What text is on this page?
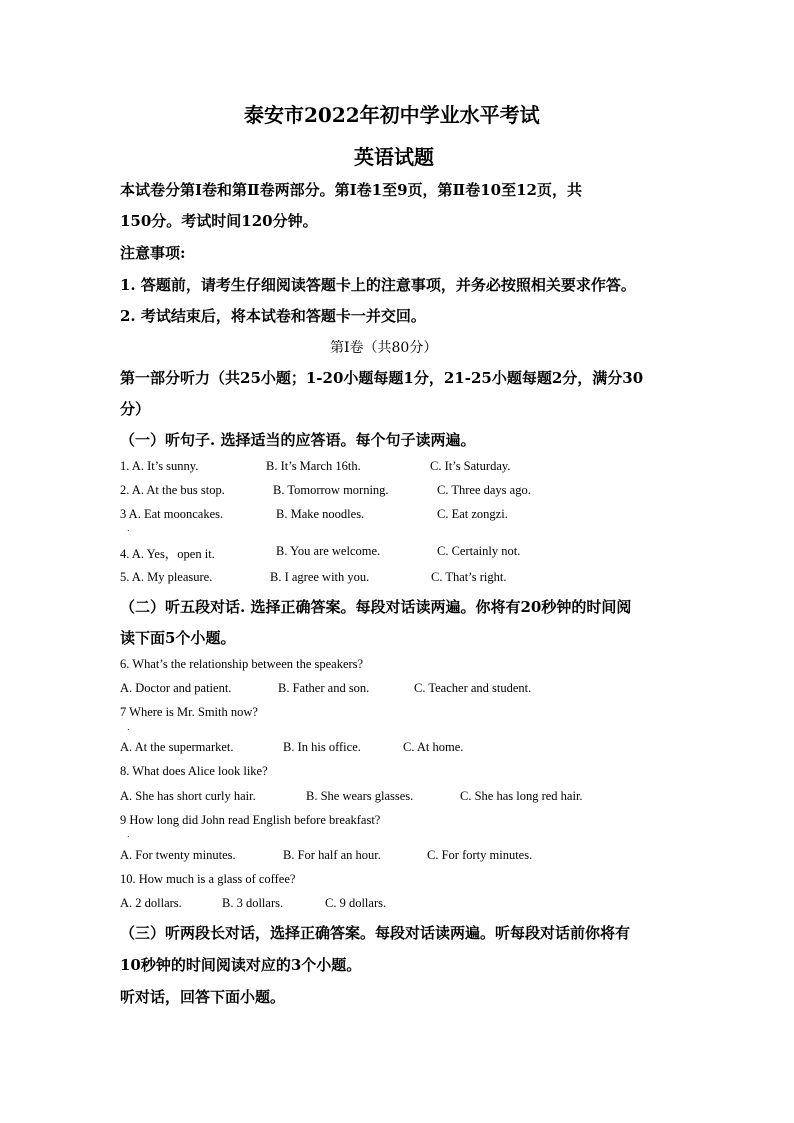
泰安市2022年初中学业水平考试
英语试题
本试卷分第Ⅰ卷和第Ⅱ卷两部分。第Ⅰ卷1至9页，第Ⅱ卷10至12页，共
150分。考试时间120分钟。
注意事项:
1. 答题前，请考生仔细阅读答题卡上的注意事项，并务必按照相关要求作答。
2. 考试结束后，将本试卷和答题卡一并交回。
第Ⅰ卷（共80分）
第一部分听力（共25小题；1-20小题每题1分，21-25小题每题2分，满分30
分）
（一）听句子. 选择适当的应答语。每个句子读两遍。
1. A. It’s sunny.	B. It’s March 16th.	C. It’s Saturday.
2. A. At the bus stop.	B. Tomorrow morning.	C. Three days ago.
3 A. Eat mooncakes.	B. Make noodles.	C. Eat zongzi.
.
4. A. Yes，open it.	B. You are welcome.	C. Certainly not.
5. A. My pleasure.	B. I agree with you.	C. That’s right.
（二）听五段对话. 选择正确答案。每段对话读两遍。你将有20秒钟的时间阅
读下面5个小题。
6. What’s the relationship between the speakers?
A. Doctor and patient.	B. Father and son.	C. Teacher and student.
7 Where is Mr. Smith now?
.
A. At the supermarket.	B. In his office.	C. At home.
8. What does Alice look like?
A. She has short curly hair.	B. She wears glasses.	C. She has long red hair.
9 How long did John read English before breakfast?
.
A. For twenty minutes.	B. For half an hour.	C. For forty minutes.
10. How much is a glass of coffee?
A. 2 dollars.	B. 3 dollars.	C. 9 dollars.
（三）听两段长对话，选择正确答案。每段对话读两遍。听每段对话前你将有
10秒钟的时间阅读对应的3个小题。
听对话，回答下面小题。
